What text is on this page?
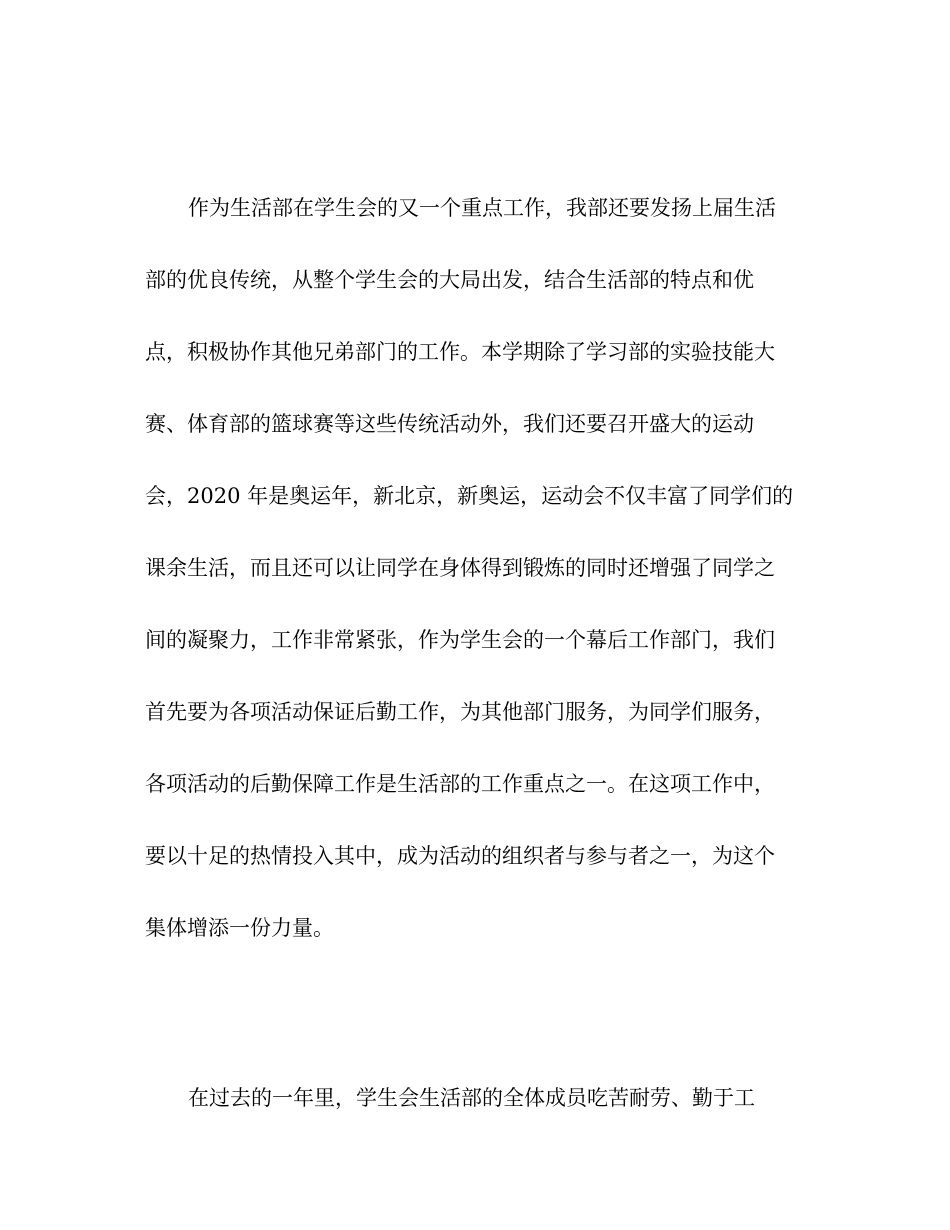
作为生活部在学生会的又一个重点工作，我部还要发扬上届生活
部的优良传统，从整个学生会的大局出发，结合生活部的特点和优
点，积极协作其他兄弟部门的工作。本学期除了学习部的实验技能大
赛、体育部的篮球赛等这些传统活动外，我们还要召开盛大的运动
会，2020 年是奥运年，新北京，新奥运，运动会不仅丰富了同学们的
课余生活，而且还可以让同学在身体得到锻炼的同时还增强了同学之
间的凝聚力，工作非常紧张，作为学生会的一个幕后工作部门，我们
首先要为各项活动保证后勤工作，为其他部门服务，为同学们服务，
各项活动的后勤保障工作是生活部的工作重点之一。在这项工作中，
要以十足的热情投入其中，成为活动的组织者与参与者之一，为这个
集体增添一份力量。
在过去的一年里，学生会生活部的全体成员吃苦耐劳、勤于工
